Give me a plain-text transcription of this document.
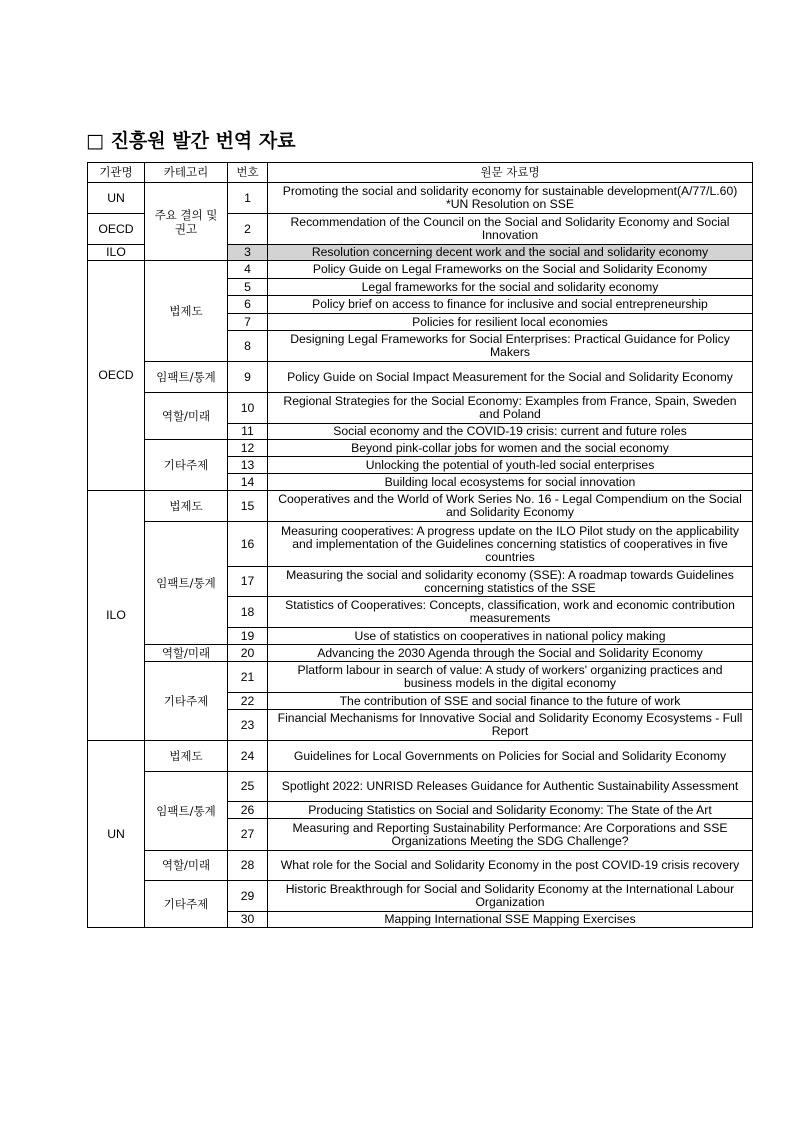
□ 진흥원 발간 번역 자료
기관명	카테고리	번호	원문 자료명
UN	주요 결의 및 권고	1	Promoting the social and solidarity economy for sustainable development(A/77/L.60) *UN Resolution on SSE
OECD		2	Recommendation of the Council on the Social and Solidarity Economy and Social Innovation
ILO		3	Resolution concerning decent work and the social and solidarity economy
OECD	법제도	4	Policy Guide on Legal Frameworks on the Social and Solidarity Economy
		5	Legal frameworks for the social and solidarity economy
		6	Policy brief on access to finance for inclusive and social entrepreneurship
		7	Policies for resilient local economies
		8	Designing Legal Frameworks for Social Enterprises: Practical Guidance for Policy Makers
	임팩트/통계	9	Policy Guide on Social Impact Measurement for the Social and Solidarity Economy
	역할/미래	10	Regional Strategies for the Social Economy: Examples from France, Spain, Sweden and Poland
		11	Social economy and the COVID-19 crisis: current and future roles
	기타주제	12	Beyond pink-collar jobs for women and the social economy
		13	Unlocking the potential of youth-led social enterprises
		14	Building local ecosystems for social innovation
ILO	법제도	15	Cooperatives and the World of Work Series No. 16 - Legal Compendium on the Social and Solidarity Economy
	임팩트/통계	16	Measuring cooperatives: A progress update on the ILO Pilot study on the applicability and implementation of the Guidelines concerning statistics of cooperatives in five countries
		17	Measuring the social and solidarity economy (SSE): A roadmap towards Guidelines concerning statistics of the SSE
		18	Statistics of Cooperatives: Concepts, classification, work and economic contribution measurements
		19	Use of statistics on cooperatives in national policy making
	역할/미래	20	Advancing the 2030 Agenda through the Social and Solidarity Economy
	기타주제	21	Platform labour in search of value: A study of workers' organizing practices and business models in the digital economy
		22	The contribution of SSE and social finance to the future of work
		23	Financial Mechanisms for Innovative Social and Solidarity Economy Ecosystems - Full Report
UN	법제도	24	Guidelines for Local Governments on Policies for Social and Solidarity Economy
	임팩트/통계	25	Spotlight 2022: UNRISD Releases Guidance for Authentic Sustainability Assessment
		26	Producing Statistics on Social and Solidarity Economy: The State of the Art
		27	Measuring and Reporting Sustainability Performance: Are Corporations and SSE Organizations Meeting the SDG Challenge?
	역할/미래	28	What role for the Social and Solidarity Economy in the post COVID-19 crisis recovery
	기타주제	29	Historic Breakthrough for Social and Solidarity Economy at the International Labour Organization
		30	Mapping International SSE Mapping Exercises
